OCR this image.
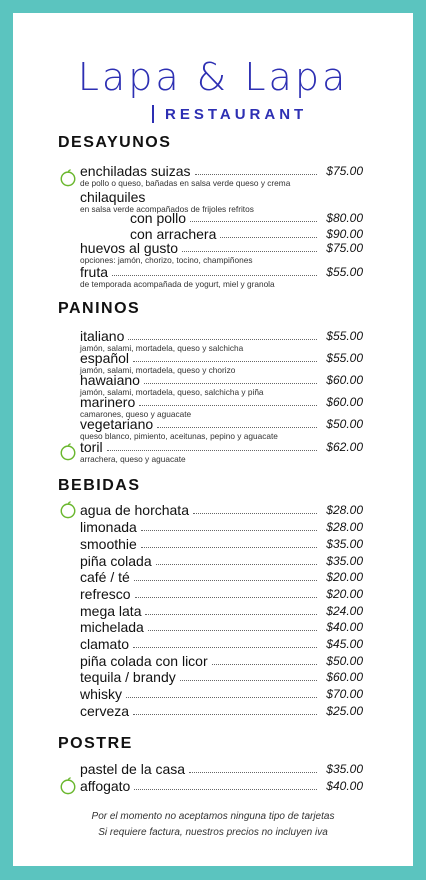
Lapa & Lapa
RESTAURANT
DESAYUNOS
enchiladas suizas	$75.00
de pollo o queso, bañadas en salsa verde queso y crema
chilaquiles
en salsa verde acompañados de frijoles refritos
con pollo	$80.00
con arrachera	$90.00
huevos al gusto	$75.00
opciones: jamón, chorizo, tocino, champiñones
fruta	$55.00
de temporada acompañada de yogurt, miel y granola
PANINOS
italiano	$55.00
jamón, salami, mortadela, queso y salchicha
español	$55.00
jamón, salami, mortadela, queso y chorizo
hawaiano	$60.00
jamón, salami, mortadela, queso, salchicha y piña
marinero	$60.00
camarones, queso y aguacate
vegetariano	$50.00
queso blanco, pimiento, aceitunas, pepino y aguacate
toril	$62.00
arrachera, queso y aguacate
BEBIDAS
agua de horchata	$28.00
limonada	$28.00
smoothie	$35.00
piña colada	$35.00
café / té	$20.00
refresco	$20.00
mega lata	$24.00
michelada	$40.00
clamato	$45.00
piña colada con licor	$50.00
tequila / brandy	$60.00
whisky	$70.00
cerveza	$25.00
POSTRE
pastel de la casa	$35.00
affogato	$40.00
Por el momento no aceptamos ninguna tipo de tarjetas
Si requiere factura, nuestros precios no incluyen iva
